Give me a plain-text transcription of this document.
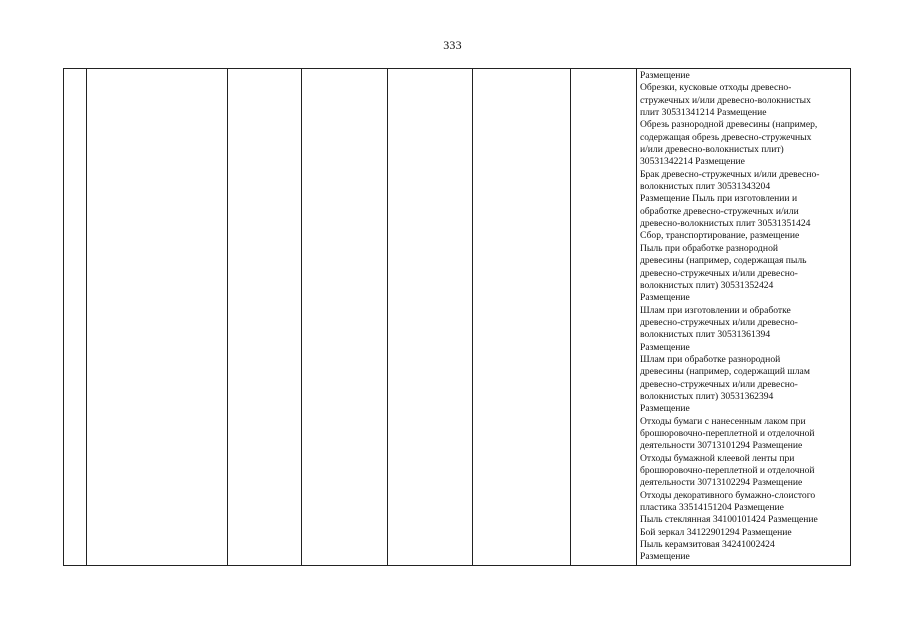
333

Размещение
Обрезки, кусковые отходы древесно-
стружечных и/или древесно-волокнистых
плит 30531341214 Размещение
Обрезь разнородной древесины (например,
содержащая обрезь древесно-стружечных
и/или древесно-волокнистых плит)
30531342214 Размещение
Брак древесно-стружечных и/или древесно-
волокнистых плит 30531343204
Размещение Пыль при изготовлении и
обработке древесно-стружечных и/или
древесно-волокнистых плит 30531351424
Сбор, транспортирование, размещение
Пыль при обработке разнородной
древесины (например, содержащая пыль
древесно-стружечных и/или древесно-
волокнистых плит) 30531352424
Размещение
Шлам при изготовлении и обработке
древесно-стружечных и/или древесно-
волокнистых плит 30531361394
Размещение
Шлам при обработке разнородной
древесины (например, содержащий шлам
древесно-стружечных и/или древесно-
волокнистых плит) 30531362394
Размещение
Отходы бумаги с нанесенным лаком при
брошюровочно-переплетной и отделочной
деятельности 30713101294 Размещение
Отходы бумажной клеевой ленты при
брошюровочно-переплетной и отделочной
деятельности 30713102294 Размещение
Отходы декоративного бумажно-слоистого
пластика 33514151204 Размещение
Пыль стеклянная 34100101424 Размещение
Бой зеркал 34122901294 Размещение
Пыль керамзитовая 34241002424
Размещение
